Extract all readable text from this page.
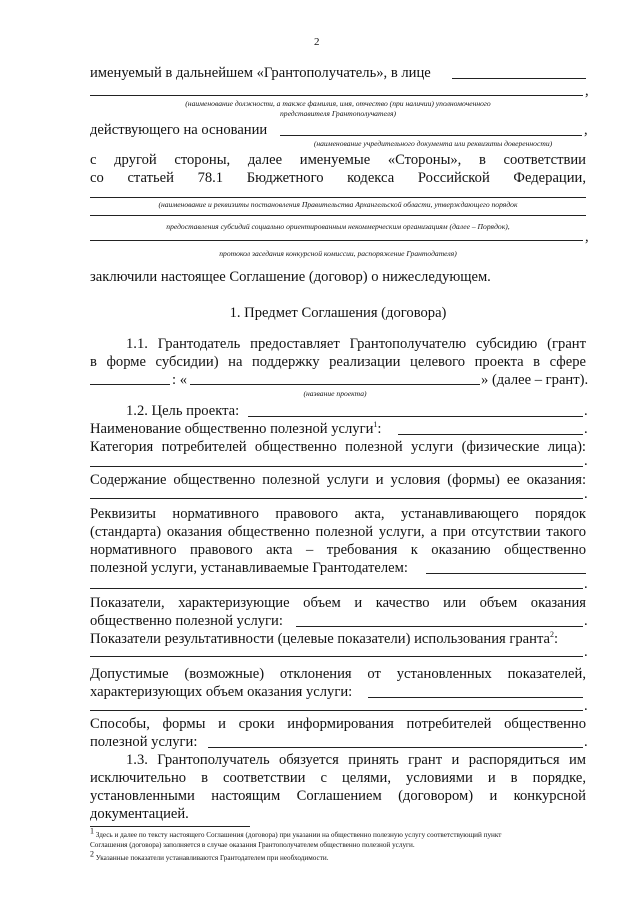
2
именуемый в дальнейшем «Грантополучатель», в лице
,
(наименование должности, а также фамилия, имя, отчество (при наличии) уполномоченного
представителя Грантополучателя)
действующего на основании	,
(наименование учредительного документа или реквизиты доверенности)
с другой стороны, далее именуемые «Стороны», в соответствии
со статьей 78.1 Бюджетного кодекса Российской Федерации,
(наименование и реквизиты постановления Правительства Архангельской области, утверждающего порядок
предоставления субсидий социально ориентированным некоммерческим организациям (далее – Порядок),
,
протокол заседания конкурсной комиссии, распоряжение Грантодателя)
заключили настоящее Соглашение (договор) о нижеследующем.
1. Предмет Соглашения (договора)
1.1. Грантодатель предоставляет Грантополучателю субсидию (грант
в форме субсидии) на поддержку реализации целевого проекта в сфере
: «	» (далее – грант).
(название проекта)
1.2. Цель проекта:	.
Наименование общественно полезной услуги$^1$:	.
Категория потребителей общественно полезной услуги (физические лица):
.
Содержание общественно полезной услуги и условия (формы) ее оказания:
.
Реквизиты нормативного правового акта, устанавливающего порядок
(стандарта) оказания общественно полезной услуги, а при отсутствии такого
нормативного правового акта – требования к оказанию общественно
полезной услуги, устанавливаемые Грантодателем:
.
Показатели, характеризующие объем и качество или объем оказания
общественно полезной услуги:	.
Показатели результативности (целевые показатели) использования гранта$^2$:
.
Допустимые (возможные) отклонения от установленных показателей,
характеризующих объем оказания услуги:
.
Способы, формы и сроки информирования потребителей общественно
полезной услуги:	.
1.3. Грантополучатель обязуется принять грант и распорядиться им
исключительно в соответствии с целями, условиями и в порядке,
установленными настоящим Соглашением (договором) и конкурсной
документацией.
$^1$ Здесь и далее по тексту настоящего Соглашения (договора) при указании на общественно полезную услугу соответствующий пункт
Соглашения (договора) заполняется в случае оказания Грантополучателем общественно полезной услуги.
$^2$ Указанные показатели устанавливаются Грантодателем при необходимости.
